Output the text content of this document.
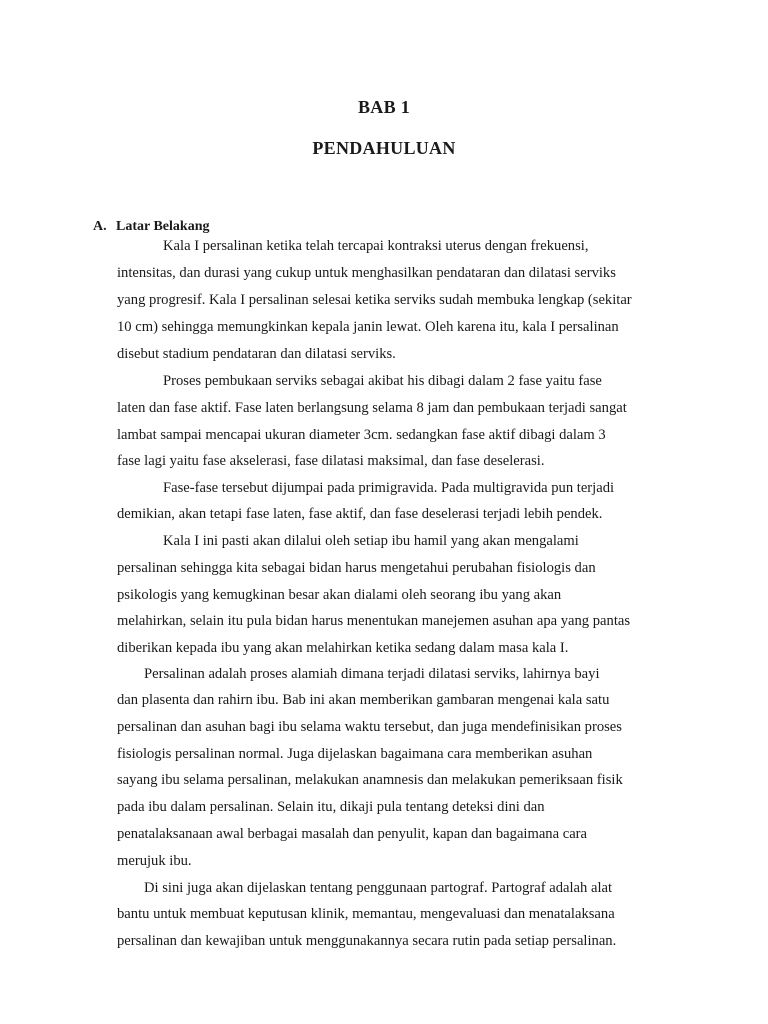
BAB 1
PENDAHULUAN
A. Latar Belakang
Kala I persalinan ketika telah tercapai kontraksi uterus dengan frekuensi,
intensitas, dan durasi yang cukup untuk menghasilkan pendataran dan dilatasi serviks
yang progresif. Kala I persalinan selesai ketika serviks sudah membuka lengkap (sekitar
10 cm) sehingga memungkinkan kepala janin lewat. Oleh karena itu, kala I persalinan
disebut stadium pendataran dan dilatasi serviks.
Proses pembukaan serviks sebagai akibat his dibagi dalam 2 fase yaitu fase
laten dan fase aktif. Fase laten berlangsung selama 8 jam dan pembukaan terjadi sangat
lambat sampai mencapai ukuran diameter 3cm. sedangkan fase aktif dibagi dalam 3
fase lagi yaitu fase akselerasi, fase dilatasi maksimal, dan fase deselerasi.
Fase-fase tersebut dijumpai pada primigravida. Pada multigravida pun terjadi
demikian, akan tetapi fase laten, fase aktif, dan fase deselerasi terjadi lebih pendek.
Kala I ini pasti akan dilalui oleh setiap ibu hamil yang akan mengalami
persalinan sehingga kita sebagai bidan harus mengetahui perubahan fisiologis dan
psikologis yang kemugkinan besar akan dialami oleh seorang ibu yang akan
melahirkan, selain itu pula bidan harus menentukan manejemen asuhan apa yang pantas
diberikan kepada ibu yang akan melahirkan ketika sedang dalam masa kala I.
Persalinan adalah proses alamiah dimana terjadi dilatasi serviks, lahirnya bayi
dan plasenta dan rahirn ibu. Bab ini akan memberikan gambaran mengenai kala satu
persalinan dan asuhan bagi ibu selama waktu tersebut, dan juga mendefinisikan proses
fisiologis persalinan normal. Juga dijelaskan bagaimana cara memberikan asuhan
sayang ibu selama persalinan, melakukan anamnesis dan melakukan pemeriksaan fisik
pada ibu dalam persalinan. Selain itu, dikaji pula tentang deteksi dini dan
penatalaksanaan awal berbagai masalah dan penyulit, kapan dan bagaimana cara
merujuk ibu.
Di sini juga akan dijelaskan tentang penggunaan partograf. Partograf adalah alat
bantu untuk membuat keputusan klinik, memantau, mengevaluasi dan menatalaksana
persalinan dan kewajiban untuk menggunakannya secara rutin pada setiap persalinan.
